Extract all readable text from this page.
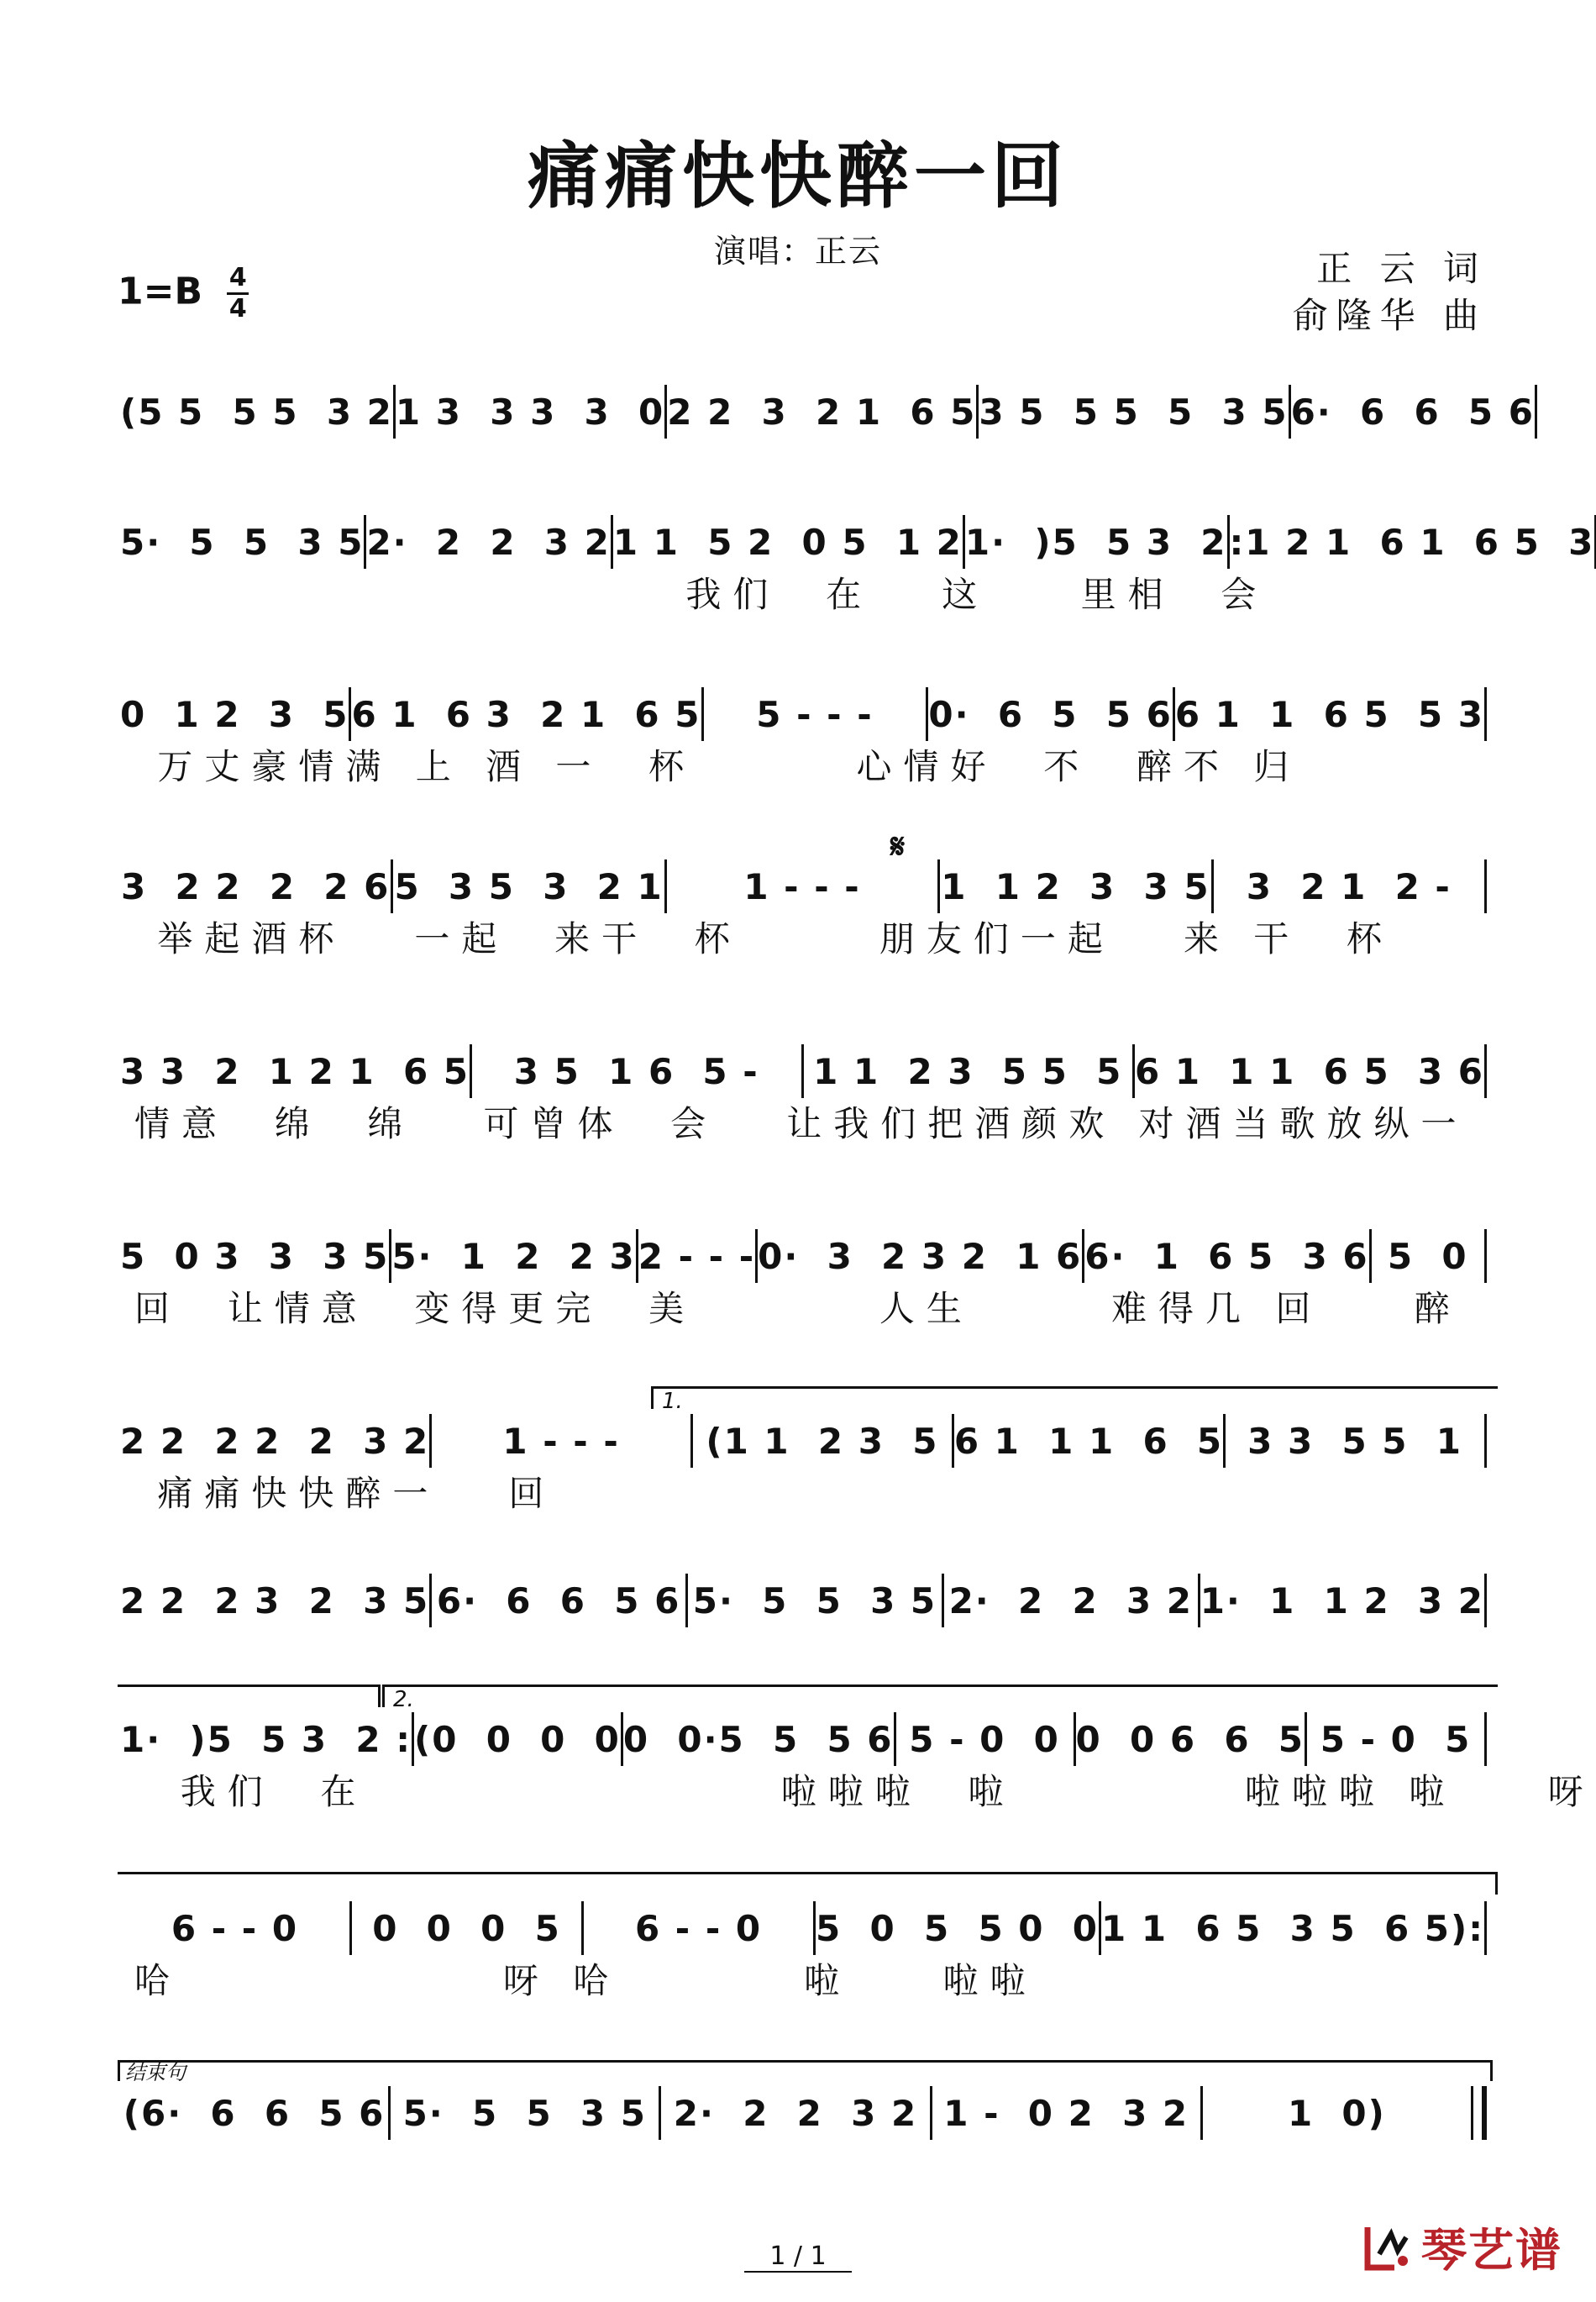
痛痛快快醉一回
演唱：正云
$1=B \frac{4}{4}$	正 云 词
俞隆华 曲
(5 5  5 5  3 2 1 3  3 3  3  0 2 2  3  2 1  6 5 3 5  5 5  5  3 5 6·  6  6  5 6
5·  5  5  3 5 2·  2  2  3 2 1 1  5 2  0 5  1 2 1·  )5  5 3  2 :1 2 1  6 1  6 5  3
我们  在   这    里相  会
0  1 2  3  5 6 1  6 3  2 1  6 5	5 - - -	0·  6  5  5 6 6 1  1  6 5  5 3
万丈豪情满 上 酒 一  杯       心情好  不  醉不 归
3  2 2  2  2 6 5  3 5  3  2 1	1 - - -	1  1 2  3  3 5	3  2 1  2 -
举起酒杯   一起  来干  杯      朋友们一起   来 干  杯
3 3  2  1 2 1  6 5	3 5  1 6  5 -	1 1  2 3  5 5  5 6 1  1 1  6 5  3 6
情意  绵  绵   可曾体  会   让我们把酒颜欢 对酒当歌放纵一
5  0 3  3  3 5 5·  1  2  2 3 2 - - - 0·  3  2 3 2  1 6 6·  1  6 5  3 6 5  0
回  让情意  变得更完  美        人生      难得几 回    醉
2 2  2 2  2  3 2	1 - - -	(1 1  2 3  5 6 1  1 1  6  5 3 3  5 5  1
痛痛快快醉一   回
2 2  2 3  2  3 5 6·  6  6  5 6 5·  5  5  3 5 2·  2  2  3 2 1·  1  1 2  3 2
1·  )5  5 3  2 : (0  0  0  0 0  0·5  5  5 6 5 - 0  0 0  0 6  6  5 5 - 0  5
我们  在                  啦啦啦  啦          啦啦啦 啦    呀
6 - - 0	0  0  0  5	6 - - 0	5  0  5  5 0  0 1 1  6 5  3 5  6 5):
哈              呀 哈        啦    啦啦
(6·  6  6  5 6 5·  5  5  3 5 2·  2  2  3 2 1 -  0 2  3 2	1  0)
𝄋
1.
2.
结束句
1 / 1	琴艺谱
